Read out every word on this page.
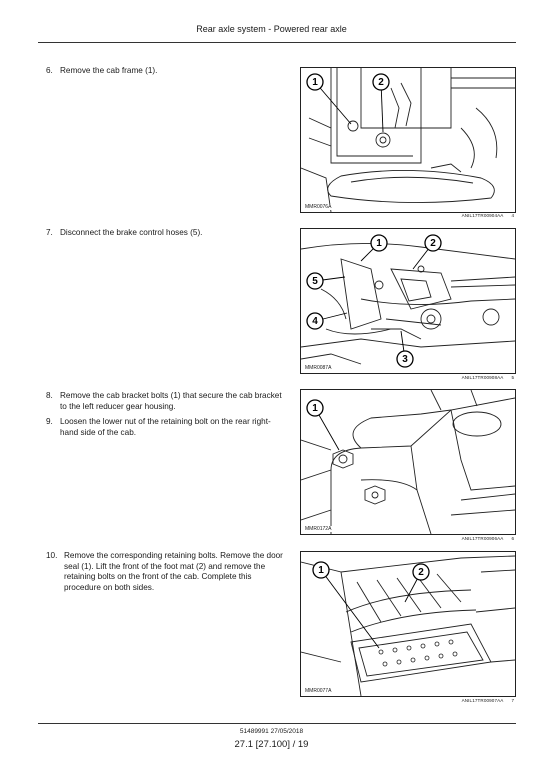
Rear axle system - Powered rear axle
6. Remove the cab frame (1).
1	2
MMR0076A
ANIL17TR00904AA 4
7. Disconnect the brake control hoses (5).
1	2
5
4
3
MMR0087A
ANIL17TR00908AA 5
8. Remove the cab bracket bolts (1) that secure the cab bracket to the left reducer gear housing.
9. Loosen the lower nut of the retaining bolt on the rear right-hand side of the cab.
1
MMR0172A
ANIL17TR00906AA 6
10. Remove the corresponding retaining bolts. Remove the door seal (1). Lift the front of the foot mat (2) and remove the retaining bolts on the front of the cab. Complete this procedure on both sides.
1	2
MMR0077A
ANIL17TR00907AA 7
51489991 27/05/2018
27.1 [27.100] / 19
